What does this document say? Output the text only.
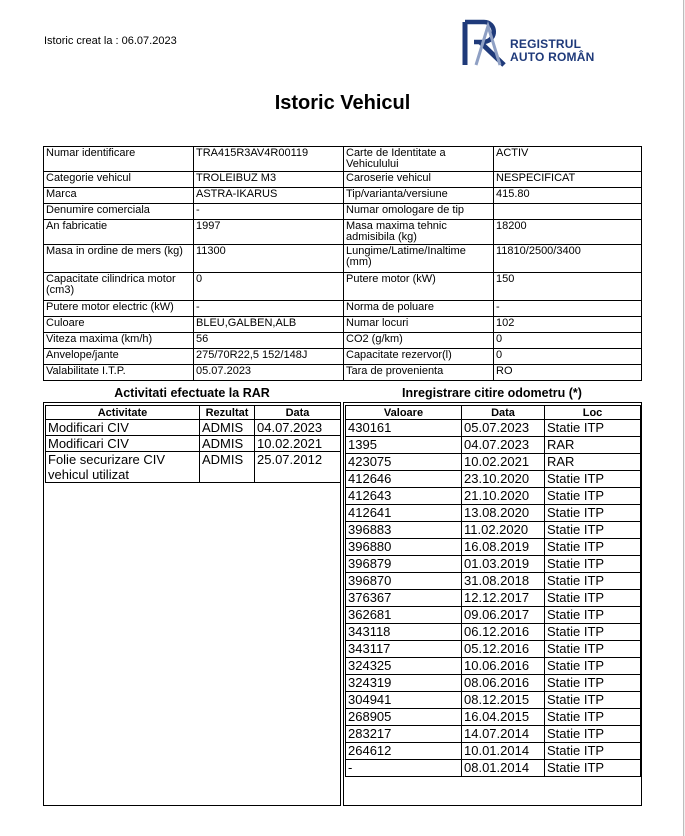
Istoric creat la : 06.07.2023	REGISTRUL
AUTO ROMÂN
Istoric Vehicul
Numar identificare	TRA415R3AV4R00119	Carte de Identitate a Vehiculului	ACTIV
Categorie vehicul	TROLEIBUZ M3	Caroserie vehicul	NESPECIFICAT
Marca	ASTRA-IKARUS	Tip/varianta/versiune	415.80
Denumire comerciala	-	Numar omologare de tip	
An fabricatie	1997	Masa maxima tehnic admisibila (kg)	18200
Masa in ordine de mers (kg)	11300	Lungime/Latime/Inaltime (mm)	11810/2500/3400
Capacitate cilindrica motor (cm3)	0	Putere motor (kW)	150
Putere motor electric (kW)	-	Norma de poluare	-
Culoare	BLEU,GALBEN,ALB	Numar locuri	102
Viteza maxima (km/h)	56	CO2 (g/km)	0
Anvelope/jante	275/70R22,5 152/148J	Capacitate rezervor(l)	0
Valabilitate I.T.P.	05.07.2023	Tara de provenienta	RO
Activitati efectuate la RAR
Activitate	Rezultat	Data
Modificari CIV	ADMIS	04.07.2023
Modificari CIV	ADMIS	10.02.2021
Folie securizare CIV vehicul utilizat	ADMIS	25.07.2012
Inregistrare citire odometru (*)
Valoare	Data	Loc
430161	05.07.2023	Statie ITP
1395	04.07.2023	RAR
423075	10.02.2021	RAR
412646	23.10.2020	Statie ITP
412643	21.10.2020	Statie ITP
412641	13.08.2020	Statie ITP
396883	11.02.2020	Statie ITP
396880	16.08.2019	Statie ITP
396879	01.03.2019	Statie ITP
396870	31.08.2018	Statie ITP
376367	12.12.2017	Statie ITP
362681	09.06.2017	Statie ITP
343118	06.12.2016	Statie ITP
343117	05.12.2016	Statie ITP
324325	10.06.2016	Statie ITP
324319	08.06.2016	Statie ITP
304941	08.12.2015	Statie ITP
268905	16.04.2015	Statie ITP
283217	14.07.2014	Statie ITP
264612	10.01.2014	Statie ITP
-	08.01.2014	Statie ITP
